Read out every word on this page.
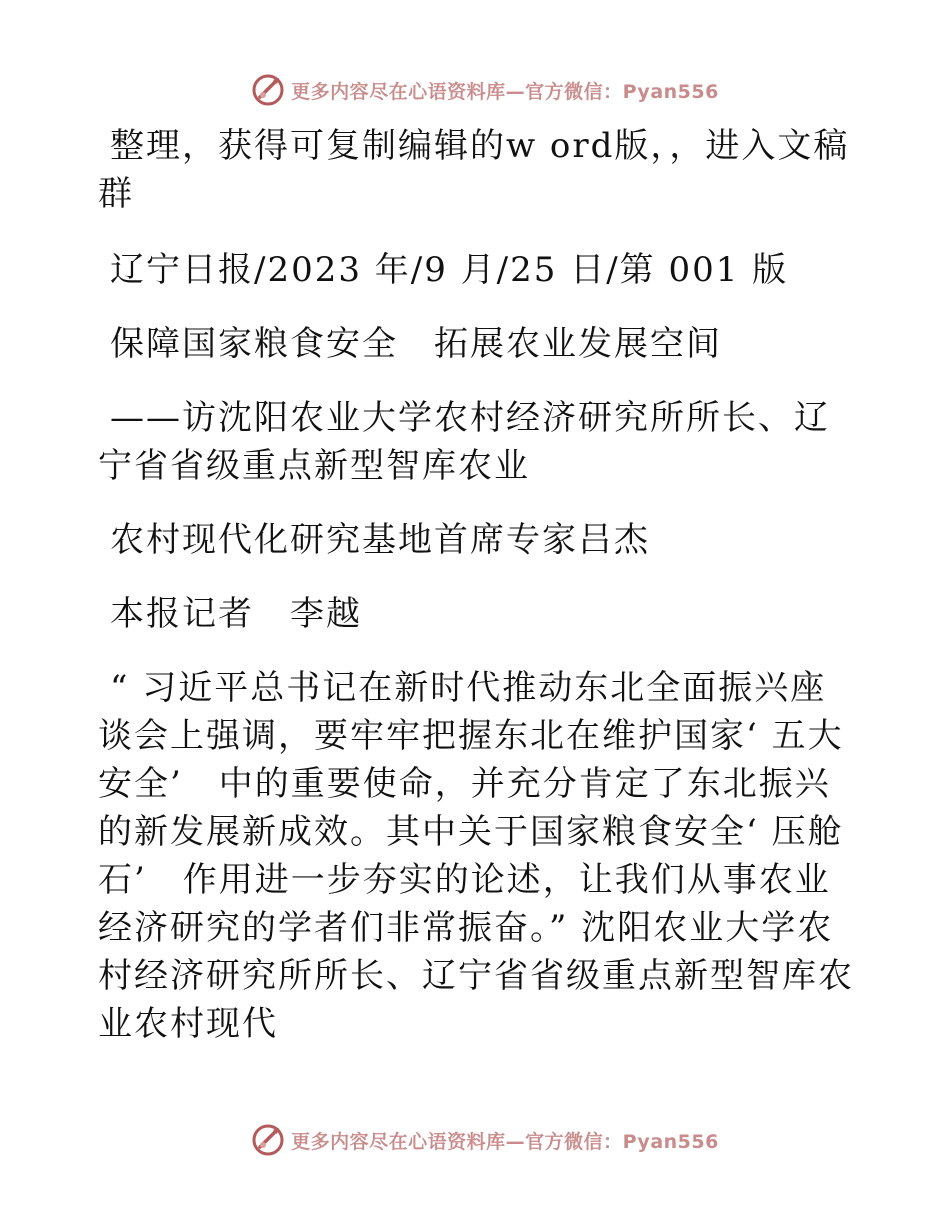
更多内容尽在心语资料库—官方微信：Pyan556

整理，获得可复制编辑的w ord版，，进入文稿群

辽宁日报/2023 年/9 月/25 日/第 001 版

保障国家粮食安全　拓展农业发展空间

——访沈阳农业大学农村经济研究所所长、辽宁省省级重点新型智库农业

农村现代化研究基地首席专家吕杰

本报记者　李越

“ 习近平总书记在新时代推动东北全面振兴座谈会上强调，要牢牢把握东北在维护国家‘ 五大安全’　中的重要使命，并充分肯定了东北振兴的新发展新成效。其中关于国家粮食安全‘ 压舱石’　作用进一步夯实的论述，让我们从事农业经济研究的学者们非常振奋。” 沈阳农业大学农村经济研究所所长、辽宁省省级重点新型智库农业农村现代

更多内容尽在心语资料库—官方微信：Pyan556
